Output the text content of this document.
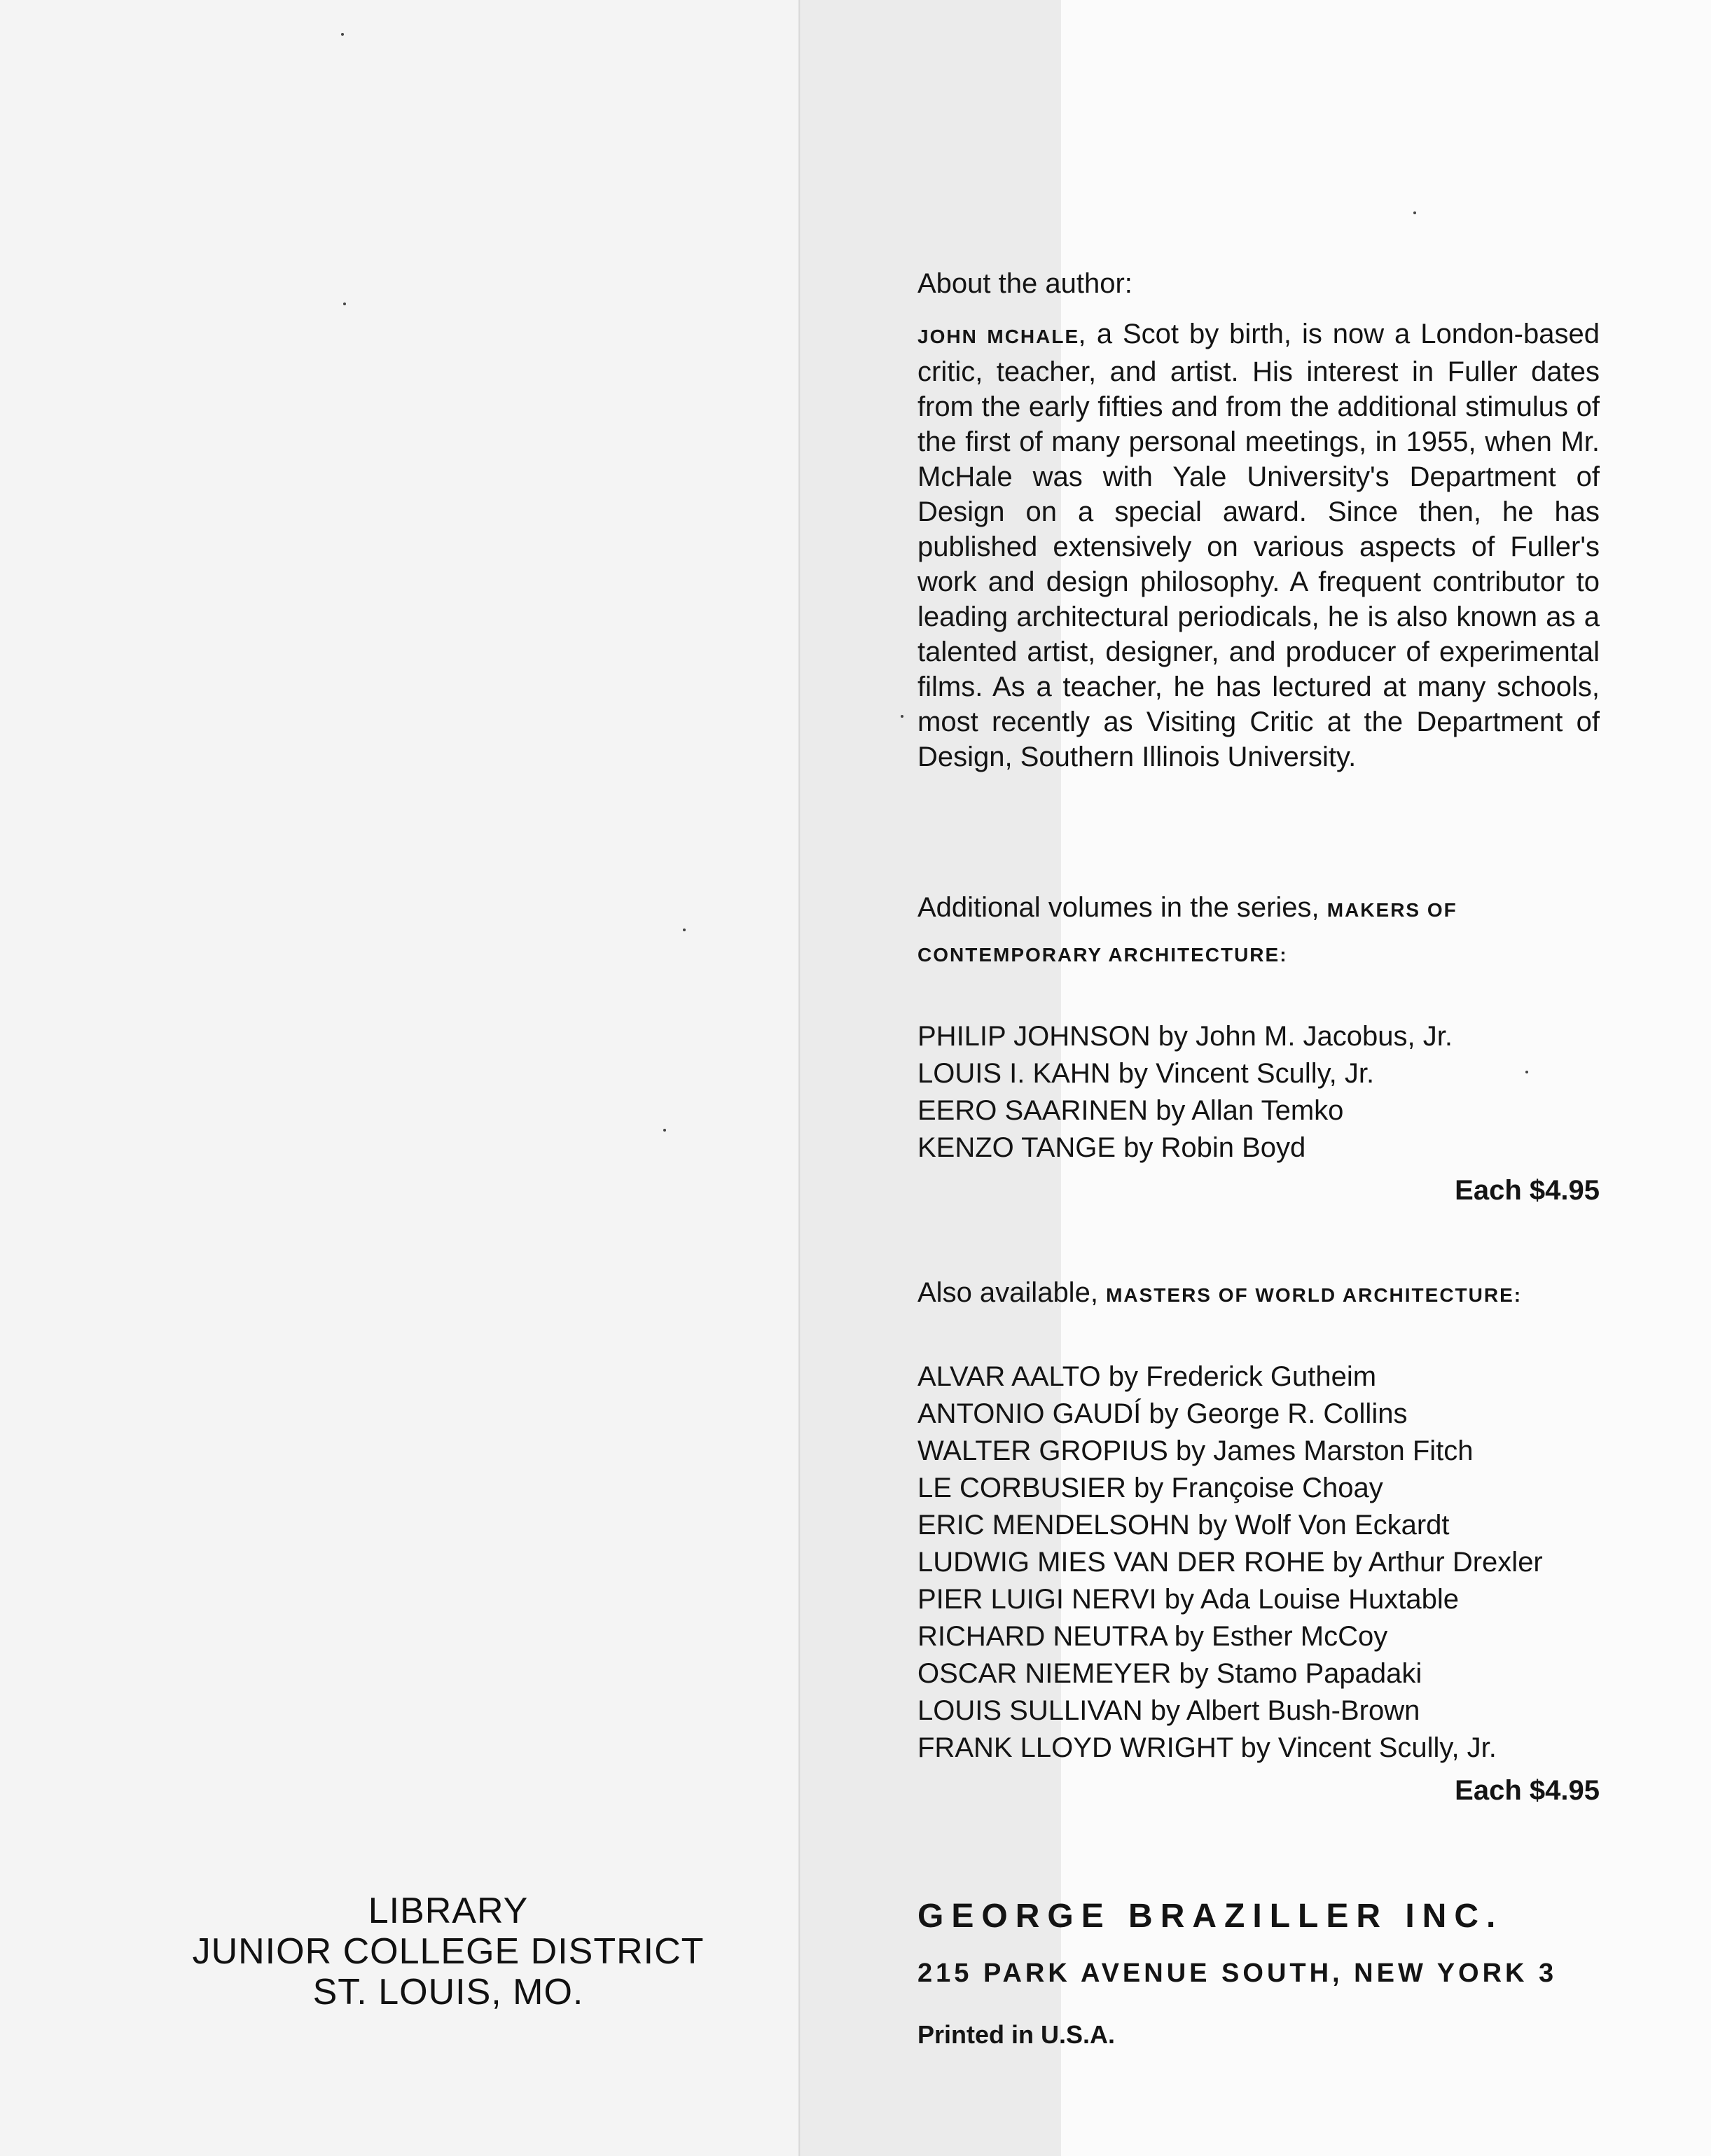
About the author:

JOHN MCHALE, a Scot by birth, is now a London-based critic, teacher, and artist. His interest in Fuller dates from the early fifties and from the additional stimulus of the first of many personal meetings, in 1955, when Mr. McHale was with Yale University's Department of Design on a special award. Since then, he has published extensively on various aspects of Fuller's work and design philosophy. A frequent contributor to leading architectural periodicals, he is also known as a talented artist, designer, and producer of experimental films. As a teacher, he has lectured at many schools, most recently as Visiting Critic at the Department of Design, Southern Illinois University.

Additional volumes in the series, MAKERS OF CONTEMPORARY ARCHITECTURE:
PHILIP JOHNSON by John M. Jacobus, Jr.
LOUIS I. KAHN by Vincent Scully, Jr.
EERO SAARINEN by Allan Temko
KENZO TANGE by Robin Boyd
Each $4.95
Also available, MASTERS OF WORLD ARCHITECTURE:
ALVAR AALTO by Frederick Gutheim
ANTONIO GAUDÍ by George R. Collins
WALTER GROPIUS by James Marston Fitch
LE CORBUSIER by Françoise Choay
ERIC MENDELSOHN by Wolf Von Eckardt
LUDWIG MIES VAN DER ROHE by Arthur Drexler
PIER LUIGI NERVI by Ada Louise Huxtable
RICHARD NEUTRA by Esther McCoy
OSCAR NIEMEYER by Stamo Papadaki
LOUIS SULLIVAN by Albert Bush-Brown
FRANK LLOYD WRIGHT by Vincent Scully, Jr.
Each $4.95
GEORGE BRAZILLER INC.
215 PARK AVENUE SOUTH, NEW YORK 3
Printed in U.S.A.
LIBRARY
JUNIOR COLLEGE DISTRICT
ST. LOUIS, MO.
